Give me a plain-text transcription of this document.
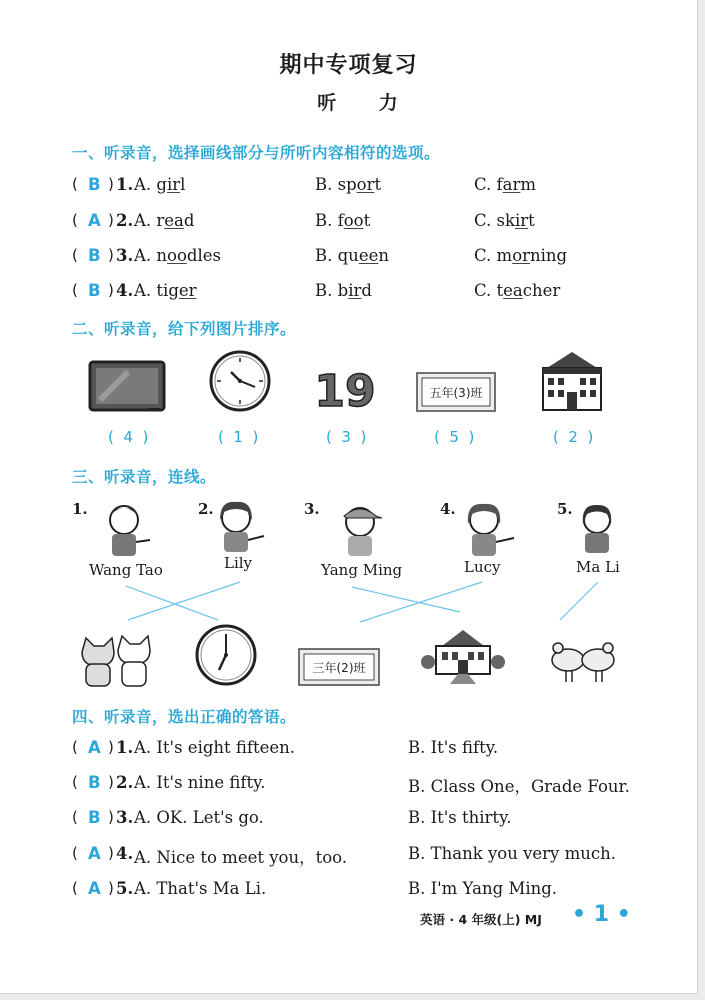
期中专项复习
听 力
一、听录音，选择画线部分与所听内容相符的选项。
( B ) 1. A. girl	B. sport	C. farm
( A ) 2. A. read	B. foot	C. skirt
( B ) 3. A. noodles	B. queen	C. morning
( B ) 4. A. tiger	B. bird	C. teacher
二、听录音，给下列图片排序。
19	五年(3)班
(  4  )	(  1  )	(  3  )	(  5  )	(  2  )
三、听录音，连线。
1.	2.	3.	4.	5.
Wang Tao	Lily	Yang Ming	Lucy	Ma Li
三年(2)班
四、听录音，选出正确的答语。
( A ) 1. A. It's eight fifteen.	B. It's fifty.
( B ) 2. A. It's nine fifty.	B. Class One，Grade Four.
( B ) 3. A. OK. Let's go.	B. It's thirty.
( A ) 4. A. Nice to meet you，too.	B. Thank you very much.
( A ) 5. A. That's Ma Li.	B. I'm Yang Ming.
英语 · 4 年级(上) MJ • 1 •
